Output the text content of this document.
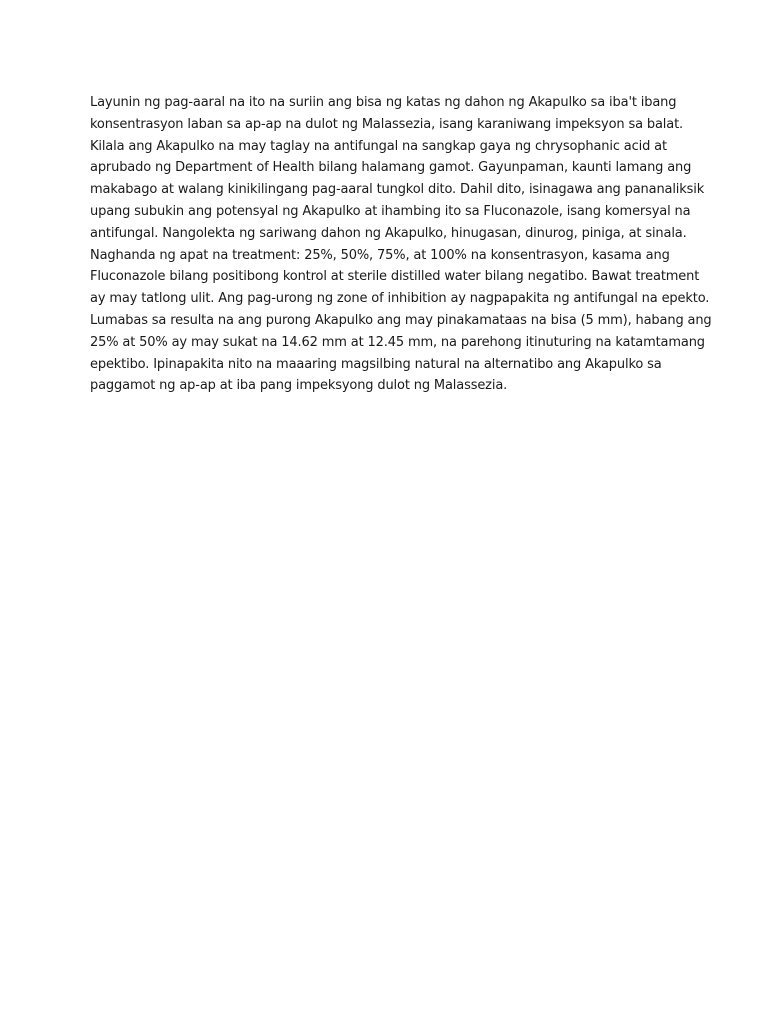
Layunin ng pag-aaral na ito na suriin ang bisa ng katas ng dahon ng Akapulko sa iba't ibang
konsentrasyon laban sa ap-ap na dulot ng Malassezia, isang karaniwang impeksyon sa balat.
Kilala ang Akapulko na may taglay na antifungal na sangkap gaya ng chrysophanic acid at
aprubado ng Department of Health bilang halamang gamot. Gayunpaman, kaunti lamang ang
makabago at walang kinikilingang pag-aaral tungkol dito. Dahil dito, isinagawa ang pananaliksik
upang subukin ang potensyal ng Akapulko at ihambing ito sa Fluconazole, isang komersyal na
antifungal. Nangolekta ng sariwang dahon ng Akapulko, hinugasan, dinurog, piniga, at sinala.
Naghanda ng apat na treatment: 25%, 50%, 75%, at 100% na konsentrasyon, kasama ang
Fluconazole bilang positibong kontrol at sterile distilled water bilang negatibo. Bawat treatment
ay may tatlong ulit. Ang pag-urong ng zone of inhibition ay nagpapakita ng antifungal na epekto.
Lumabas sa resulta na ang purong Akapulko ang may pinakamataas na bisa (5 mm), habang ang
25% at 50% ay may sukat na 14.62 mm at 12.45 mm, na parehong itinuturing na katamtamang
epektibo. Ipinapakita nito na maaaring magsilbing natural na alternatibo ang Akapulko sa
paggamot ng ap-ap at iba pang impeksyong dulot ng Malassezia.
